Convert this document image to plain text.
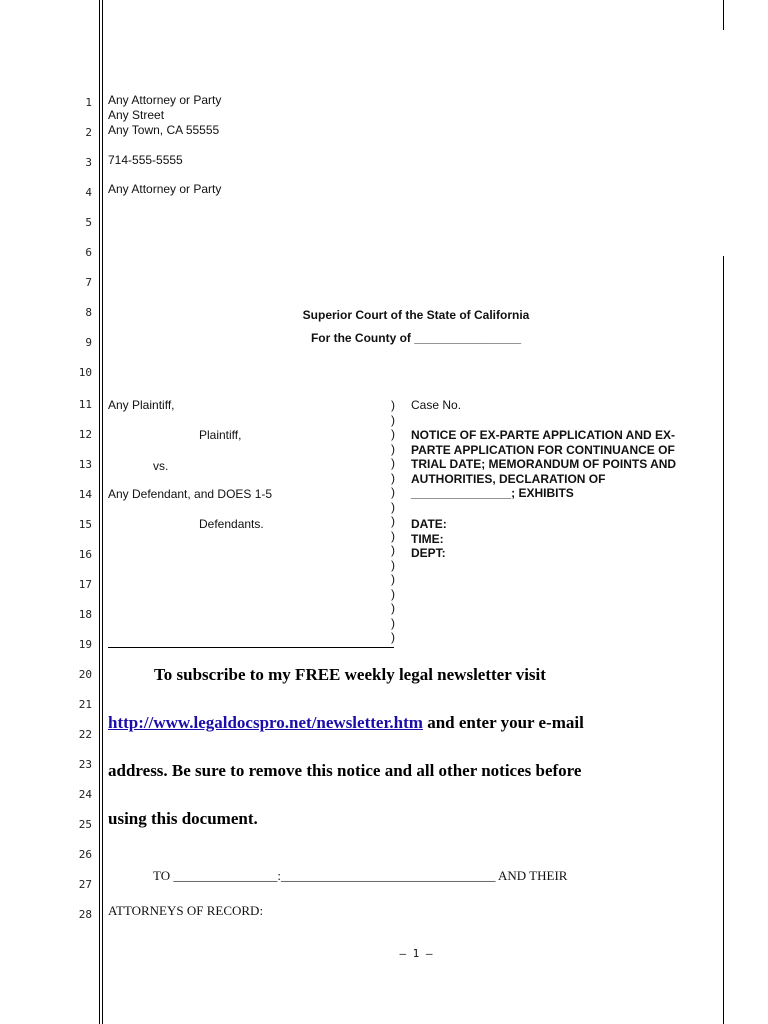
1
2
3
4
5
6
7
8
9
10
11
12
13
14
15
16
17
18
19
20
21
22
23
24
25
26
27
28
Any Attorney or Party
Any Street
Any Town, CA 55555
714-555-5555
Any Attorney or Party
Superior Court of the State of California
For the County of ________________
Any Plaintiff,
Plaintiff,
vs.
Any Defendant, and DOES 1-5
Defendants.
)
)
)
)
)
)
)
)
)
)
)
)
)
)
)
)
)
Case No.
NOTICE OF EX-PARTE APPLICATION AND EX-
PARTE APPLICATION FOR CONTINUANCE OF
TRIAL DATE; MEMORANDUM OF POINTS AND
AUTHORITIES, DECLARATION OF
_______________; EXHIBITS
DATE:
TIME:
DEPT:
To subscribe to my FREE weekly legal newsletter visit
http://www.legaldocspro.net/newsletter.htm and enter your e-mail
address. Be sure to remove this notice and all other notices before
using this document.
TO ________________:_________________________________ AND THEIR
ATTORNEYS OF RECORD:
– 1 –
